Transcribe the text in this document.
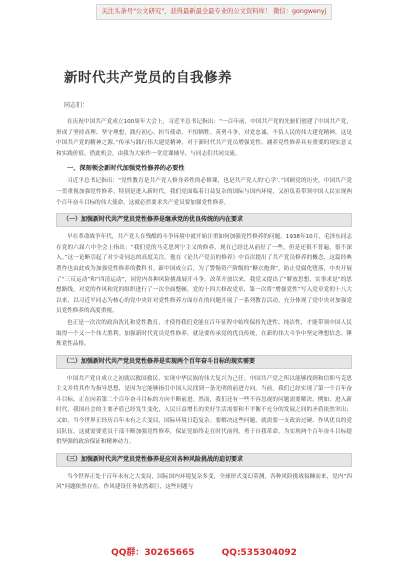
关注头条号"公文研究"，获得最新最全最专业的公文资料库！ 微信：gongwenyj
新时代共产党员的自我修养
同志们：

在庆祝中国共产党成立100周年大会上，习近平总书记指出：“一百年前，中国共产党的先驱们创建了中国共产党，形成了坚持真理、坚守理想，践行初心、担当使命，不怕牺牲、英勇斗争，对党忠诚、不负人民的伟大建党精神，这是中国共产党的精神之源。”传承与践行伟大建党精神，对于新时代共产党员增强党性、涵养党性修养具有重要的现实意义和实践价值。借此机会，由我为大家作一堂党课辅导，与同志们共同交流。

一、深刻领会新时代加强党性修养的必要性

习近平总书记指出：“党性教育是共产党人修身养性的必修课，也是共产党人的‘心学’。”回顾党的历史，中国共产党一贯重视加强党性修养。特别是进入新时代，我们党面临着日益复杂的国际与国内环境，又担负着带领中国人民实现两个百年奋斗目标的伟大使命，这就必然要求共产党员要加强党性修养。

（一）加强新时代共产党员党性修养是继承党的优良传统的内在要求

早在革命战争年代，共产党人在残酷的斗争环境中就开始注重如何加强党性修养的问题。1938年10月，毛泽东同志在党的六届六中全会上指出：“我们党的马克思列宁主义的修养，现在已经比从前好了一些，但是还很不普遍，很不深入。”这一论断引起了对少奇同志的高度关注。他在《论共产党员的修养》中首次提出了共产党员修养的概念，这篇经典著作也由此成为加强党性修养的教科书。新中国成立后，为了警惕资产阶级的“糖衣炮弹”，防止党腐化堕落，中央开展了“三反运动”和“四清运动”，同党内各种风险挑战展开斗争。改革开放以来，我党又提出了“解放思想，实事求是”的思想路线，对党的作风和党的组织进行了一次全面整顿，党的十四大修改党章，第一次将“增强党性”写入党章党的十八大以来，以习近平同志为核心的党中央针对党性修养方面存在的问题开展了一系列教育活动，充分体现了党中央对加强党员党性修养的高度重视。

也正是一次次的政治洗礼和党性教育，才使得我们党能在百年征程中始终保持先进性、纯洁性，才能带领中国人民取得一个又一个伟大胜利。加强新时代党员党性修养，就是要传承党的优良传统，在新的伟大斗争中坚定理想信念、锤炼党性品格。

（二）加强新时代共产党员党性修养是实现两个百年奋斗目标的现实需要

中国共产党自成立之初就以救国救民、实现中华民族的伟大复兴为己任。中国共产党之所以能够找到和信仰马克思主义并将其作为指导思想，是因为它能够指引中国人民找到一条光明的前进方向。当前，我们已经实现了第一个百年奋斗目标，正在向着第二个百年奋斗目标的方向不断前进。然而，我们还有一些不容忽视的问题需要解决。例如，进入新时代，我国社会的主要矛盾已经发生变化，人民日益增长的美好生活需要和不平衡不充分的发展之间的矛盾依然突出；又如，当今世界正经历百年未有之大变局，国际环境日趋复杂。要解决这些问题，就需要一支政治过硬、作风优良的党员队伍。这就需要党员干部不断加强党性修养，保证党始终走在时代前列，勇于自我革命，为实现两个百年奋斗目标提供坚强的政治保证和精神动力。

（三）加强新时代共产党员党性修养是应对各种风险挑战的迫切要求

当今世界正处于百年未有之大变局，国际国内环境复杂多变，全球形式变幻莫测，各种风险挑战接踵而来，党内“四风”问题依然存在，作风建设任务依然艰巨，这些问题与

QQ群：30265665	QQ:535304092
